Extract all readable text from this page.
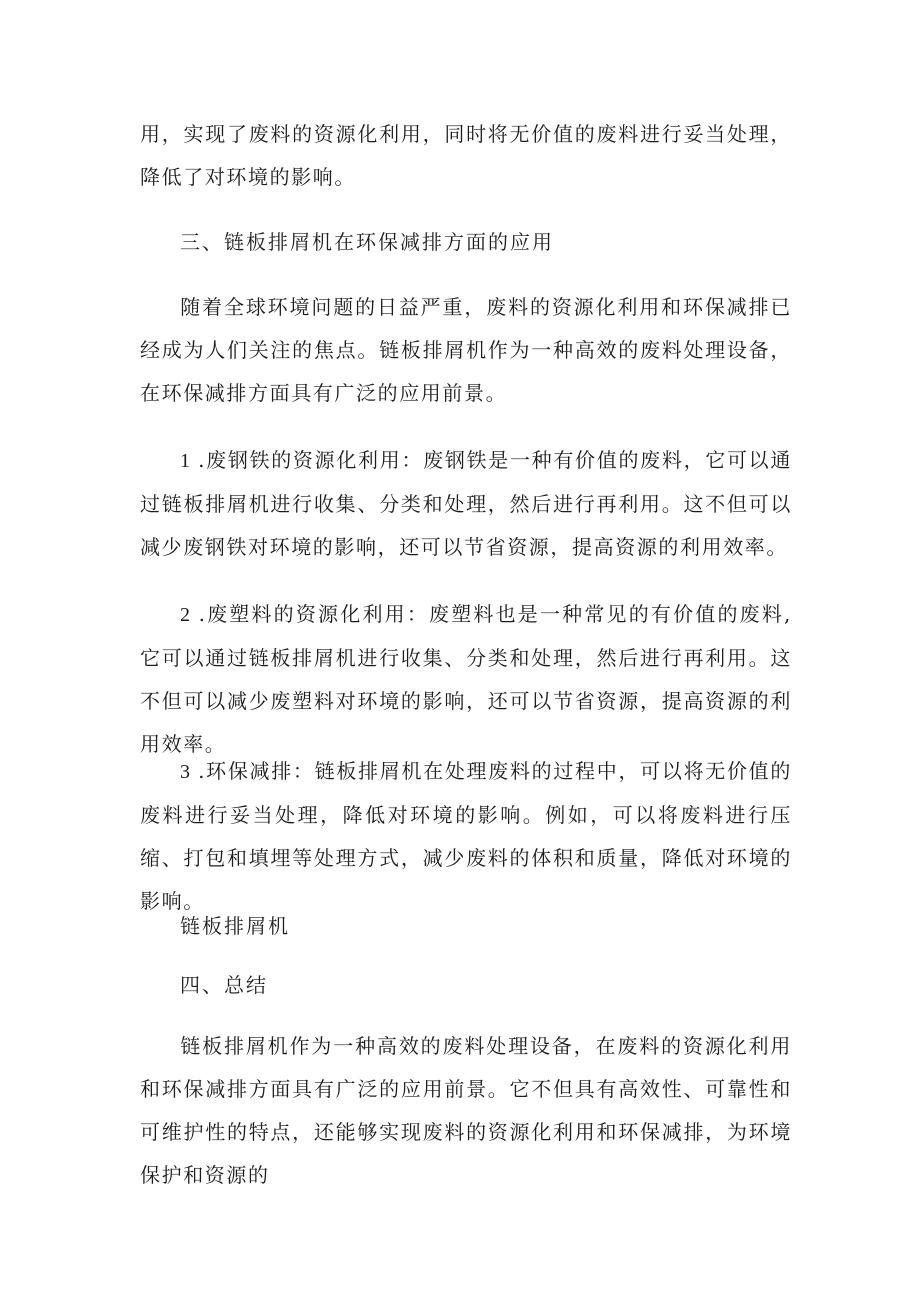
用，实现了废料的资源化利用，同时将无价值的废料进行妥当处理，降低了对环境的影响。

三、链板排屑机在环保减排方面的应用

随着全球环境问题的日益严重，废料的资源化利用和环保减排已经成为人们关注的焦点。链板排屑机作为一种高效的废料处理设备，在环保减排方面具有广泛的应用前景。

1 .废钢铁的资源化利用：废钢铁是一种有价值的废料，它可以通过链板排屑机进行收集、分类和处理，然后进行再利用。这不但可以减少废钢铁对环境的影响，还可以节省资源，提高资源的利用效率。

2 .废塑料的资源化利用：废塑料也是一种常见的有价值的废料,它可以通过链板排屑机进行收集、分类和处理，然后进行再利用。这不但可以减少废塑料对环境的影响，还可以节省资源，提高资源的利用效率。

3 .环保减排：链板排屑机在处理废料的过程中，可以将无价值的废料进行妥当处理，降低对环境的影响。例如，可以将废料进行压缩、打包和填埋等处理方式，减少废料的体积和质量，降低对环境的影响。

链板排屑机

四、总结

链板排屑机作为一种高效的废料处理设备，在废料的资源化利用和环保减排方面具有广泛的应用前景。它不但具有高效性、可靠性和可维护性的特点，还能够实现废料的资源化利用和环保减排，为环境保护和资源的
